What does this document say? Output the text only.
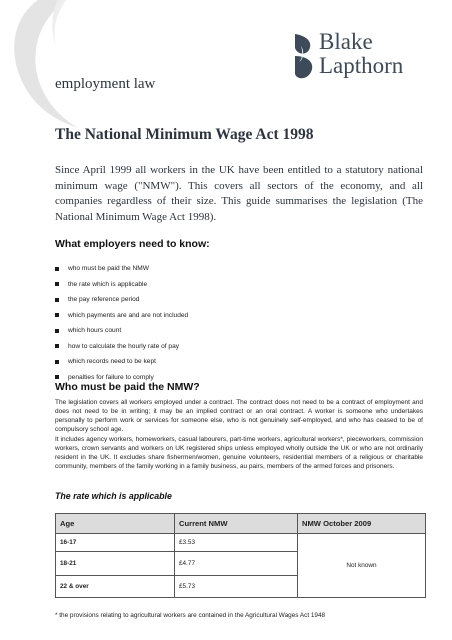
Blake
Lapthorn
employment law
The National Minimum Wage Act 1998
Since April 1999 all workers in the UK have been entitled to a statutory national minimum wage ("NMW"). This covers all sectors of the economy, and all companies regardless of their size. This guide summarises the legislation (The National Minimum Wage Act 1998).
What employers need to know:
who must be paid the NMW
the rate which is applicable
the pay reference period
which payments are and are not included
which hours count
how to calculate the hourly rate of pay
which records need to be kept
penalties for failure to comply
Who must be paid the NMW?
The legislation covers all workers employed under a contract. The contract does not need to be a contract of employment and does not need to be in writing; it may be an implied contract or an oral contract. A worker is someone who undertakes personally to perform work or services for someone else, who is not genuinely self-employed, and who has ceased to be of compulsory school age.
It includes agency workers, homeworkers, casual labourers, part-time workers, agricultural workers*, pieceworkers, commission workers, crown servants and workers on UK registered ships unless employed wholly outside the UK or who are not ordinarily resident in the UK. It excludes share fishermen/women, genuine volunteers, residential members of a religious or charitable community, members of the family working in a family business, au pairs, members of the armed forces and prisoners.
The rate which is applicable
Age	Current NMW	NMW October 2009
16-17	£3.53	Not known
18-21	£4.77	
22 & over	£5.73	
* the provisions relating to agricultural workers are contained in the Agricultural Wages Act 1948
